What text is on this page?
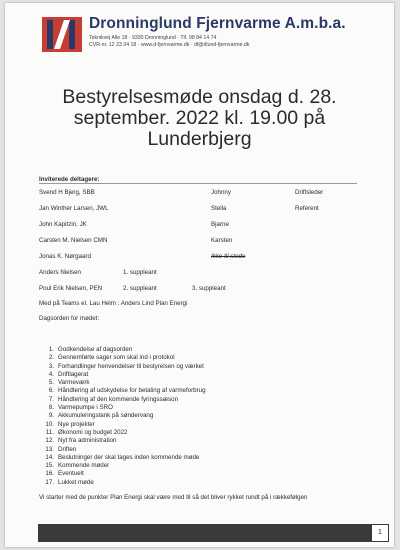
Dronninglund Fjernvarme A.m.b.a.
Teknikvej Alle 18 · 9330 Dronninglund · Tlf. 98 84 14 74
CVR-nr. 12 23 34 18 · www.d-fjernvarme.dk · df@dlund-fjernvarme.dk
Bestyrelsesmøde onsdag d. 28.
september. 2022 kl. 19.00 på
Lunderbjerg
Inviterede deltagere:
Svend H Bjerg, SBB	Johnny	Driftsleder
Jan Winther Larsen, JWL	Stella	Referent
John Kapitzin, JK	Bjarne
Carsten M. Nielsen CMN	Karsten
Jonas K. Nørgaard	Ikke til stede
Anders Nielsen	1. suppleant
Poul Erik Nielsen, PEN	2. suppleant	3. suppleant
Med på Teams el. Lau Helm : Anders Lind Plan Energi
Dagsorden for mødet:
1. Godkendelse af dagsorden
2. Gennemførte sager som skal ind i protokol
3. Forhandlinger henvendelser til bestyrelsen og værket
4. Driftlagerat
5. Varmeværk
6. Håndtering af udskydelse for betaling af varmeforbrug
7. Håndtering af den kommende fyringssæson
8. Varmepumpe i SRO
9. Akkumuleringstank på søndervang
10. Nye projekter
11. Økonomi og budget 2022
12. Nyt fra administration
13. Driften
14. Beslutninger der skal tages inden kommende møde
15. Kommende møder
16. Eventuelt
17. Lukket møde
Vi starter med de punkter Plan Energi skal være med til så det bliver rykket rundt på i rækkefølgen
1
